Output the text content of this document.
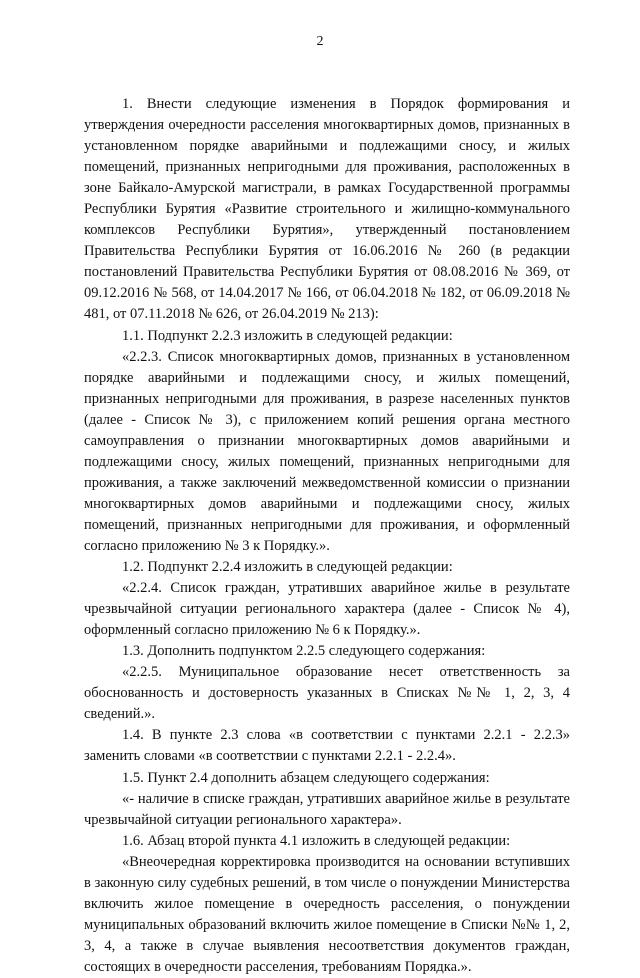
2

1. Внести следующие изменения в Порядок формирования и утверждения очередности расселения многоквартирных домов, признанных в установленном порядке аварийными и подлежащими сносу, и жилых помещений, признанных непригодными для проживания, расположенных в зоне Байкало-Амурской магистрали, в рамках Государственной программы Республики Бурятия «Развитие строительного и жилищно-коммунального комплексов Республики Бурятия», утвержденный постановлением Правительства Республики Бурятия от 16.06.2016 № 260 (в редакции постановлений Правительства Республики Бурятия от 08.08.2016 № 369, от 09.12.2016 № 568, от 14.04.2017 № 166, от 06.04.2018 № 182, от 06.09.2018 № 481, от 07.11.2018 № 626, от 26.04.2019 № 213):

1.1. Подпункт 2.2.3 изложить в следующей редакции:

«2.2.3. Список многоквартирных домов, признанных в установленном порядке аварийными и подлежащими сносу, и жилых помещений, признанных непригодными для проживания, в разрезе населенных пунктов (далее - Список № 3), с приложением копий решения органа местного самоуправления о признании многоквартирных домов аварийными и подлежащими сносу, жилых помещений, признанных непригодными для проживания, а также заключений межведомственной комиссии о признании многоквартирных домов аварийными и подлежащими сносу, жилых помещений, признанных непригодными для проживания, и оформленный согласно приложению № 3 к Порядку.».

1.2. Подпункт 2.2.4 изложить в следующей редакции:

«2.2.4. Список граждан, утративших аварийное жилье в результате чрезвычайной ситуации регионального характера (далее - Список № 4), оформленный согласно приложению № 6 к Порядку.».

1.3. Дополнить подпунктом 2.2.5 следующего содержания:

«2.2.5. Муниципальное образование несет ответственность за обоснованность и достоверность указанных в Списках №№ 1, 2, 3, 4 сведений.».

1.4. В пункте 2.3 слова «в соответствии с пунктами 2.2.1 - 2.2.3» заменить словами «в соответствии с пунктами 2.2.1 - 2.2.4».

1.5. Пункт 2.4 дополнить абзацем следующего содержания:

«- наличие в списке граждан, утративших аварийное жилье в результате чрезвычайной ситуации регионального характера».

1.6. Абзац второй пункта 4.1 изложить в следующей редакции:

«Внеочередная корректировка производится на основании вступивших в законную силу судебных решений, в том числе о понуждении Министерства включить жилое помещение в очередность расселения, о понуждении муниципальных образований включить жилое помещение в Списки №№ 1, 2, 3, 4, а также в случае выявления несоответствия документов граждан, состоящих в очередности расселения, требованиям Порядка.».
